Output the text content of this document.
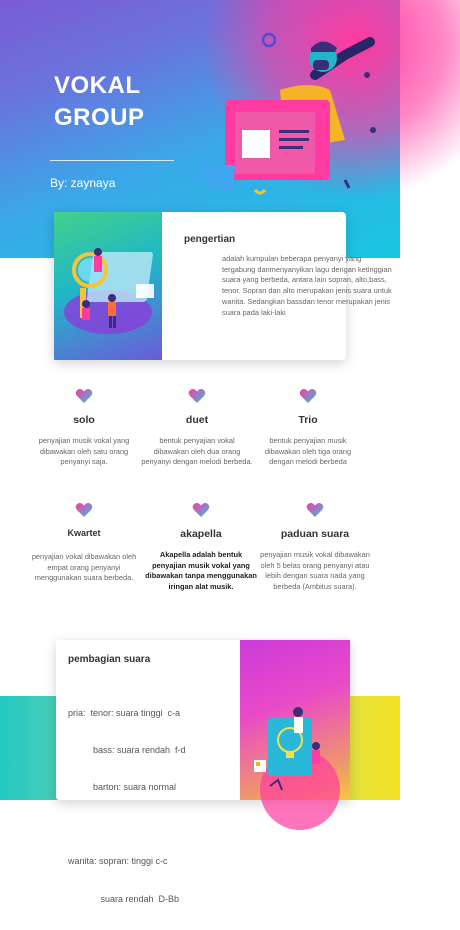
VOKAL GROUP
By: zaynaya
pengertian
adalah kumpulan beberapa penyanyi yang tergabung danmenyanyikan lagu dengan ketinggian suara yang berbeda, antara lain sopran, alto,bass, tenor. Sopran dan alto merupakan jenis suara untuk wanita. Sedangkan bassdan tenor merupakan jenis suara pada laki-laki
solo
penyajian musik vokal yang dibawakan oleh satu orang penyanyi saja.
duet
bentuk penyajian vokal dibawakan oleh dua orang penyanyi dengan melodi berbeda.
Trio
bentuk penyajian musik dibawakan oleh tiga orang dengan melodi berbeda
Kwartet
penyajian vokal dibawakan oleh empat orang penyanyi menggunakan suara berbeda.
akapella
Akapella adalah bentuk penyajian musik vokal yang dibawakan tanpa menggunakan iringan alat musik.
paduan suara
penyajian musik vokal dibawakan oleh 5 belas orang penyanyi atau lebih dengan suara nada yang berbeda (Ambitus suara).
pembagian suara

pria:  tenor: suara tinggi  c-a

bass: suara rendah  f-d

barton: suara normal

wanita: sopran: tinggi c-c

suara rendah  D-Bb
